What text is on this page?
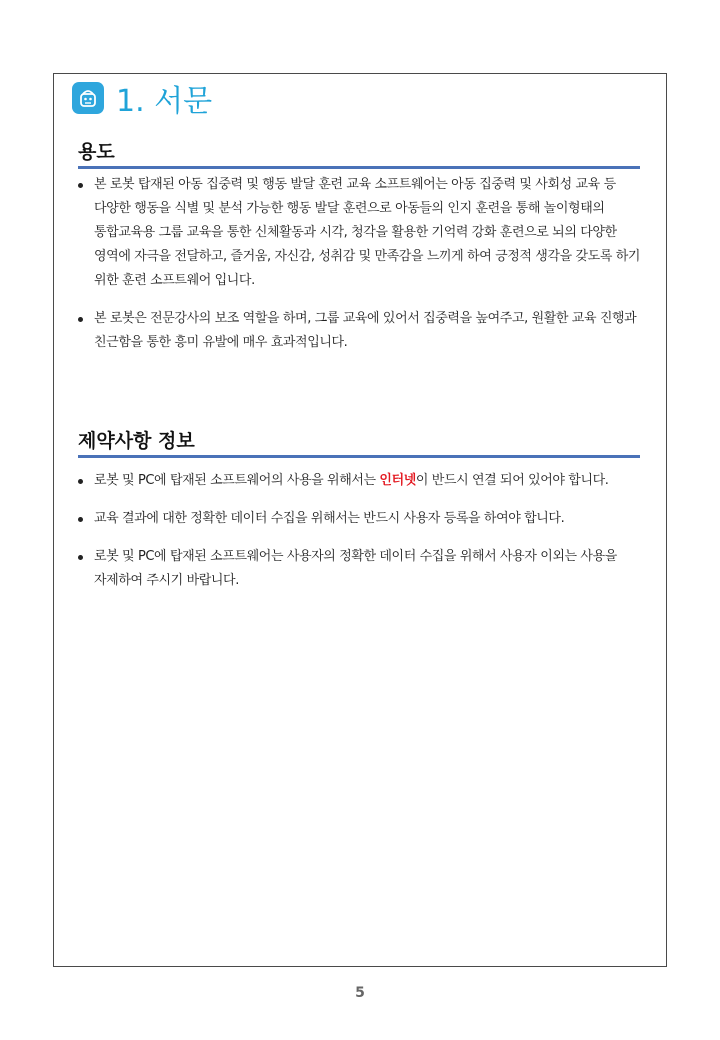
1. 서문
용도
본 로봇 탑재된 아동 집중력 및 행동 발달 훈련 교육 소프트웨어는 아동 집중력 및 사회성 교육 등 다양한 행동을 식별 및 분석 가능한 행동 발달 훈련으로 아동들의 인지 훈련을 통해 놀이형태의 통합교육용 그룹 교육을 통한 신체활동과 시각, 청각을 활용한 기억력 강화 훈련으로 뇌의 다양한 영역에 자극을 전달하고, 즐거움, 자신감, 성취감 및 만족감을 느끼게 하여 긍정적 생각을 갖도록 하기 위한 훈련 소프트웨어 입니다.
본 로봇은 전문강사의 보조 역할을 하며, 그룹 교육에 있어서 집중력을 높여주고, 원활한 교육 진행과 친근함을 통한 흥미 유발에 매우 효과적입니다.
제약사항 정보
로봇 및 PC에 탑재된 소프트웨어의 사용을 위해서는 인터넷이 반드시 연결 되어 있어야 합니다.
교육 결과에 대한 정확한 데이터 수집을 위해서는 반드시 사용자 등록을 하여야 합니다.
로봇 및 PC에 탑재된 소프트웨어는 사용자의 정확한 데이터 수집을 위해서 사용자 이외는 사용을 자제하여 주시기 바랍니다.
5
